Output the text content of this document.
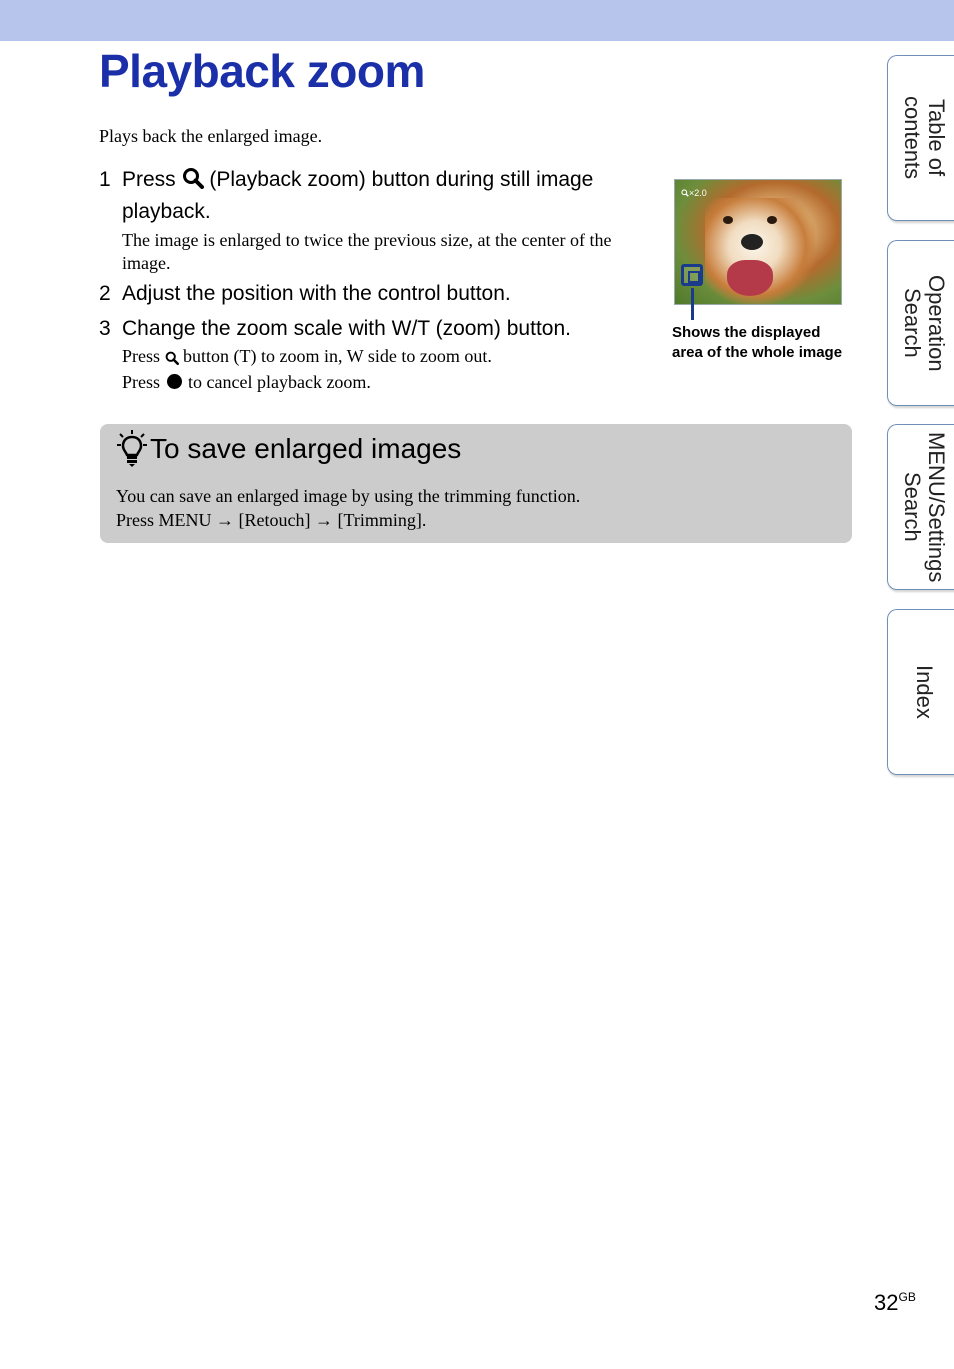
Playback zoom
Plays back the enlarged image.
1 Press  (Playback zoom) button during still image playback.
The image is enlarged to twice the previous size, at the center of the image.
2 Adjust the position with the control button.
3 Change the zoom scale with W/T (zoom) button.
Press  button (T) to zoom in, W side to zoom out.
Press  to cancel playback zoom.
×2.0
Shows the displayed area of the whole image
To save enlarged images
You can save an enlarged image by using the trimming function.
Press MENU → [Retouch] → [Trimming].
Table of contents
Operation Search
MENU/Settings Search
Index
$32^{GB}$
